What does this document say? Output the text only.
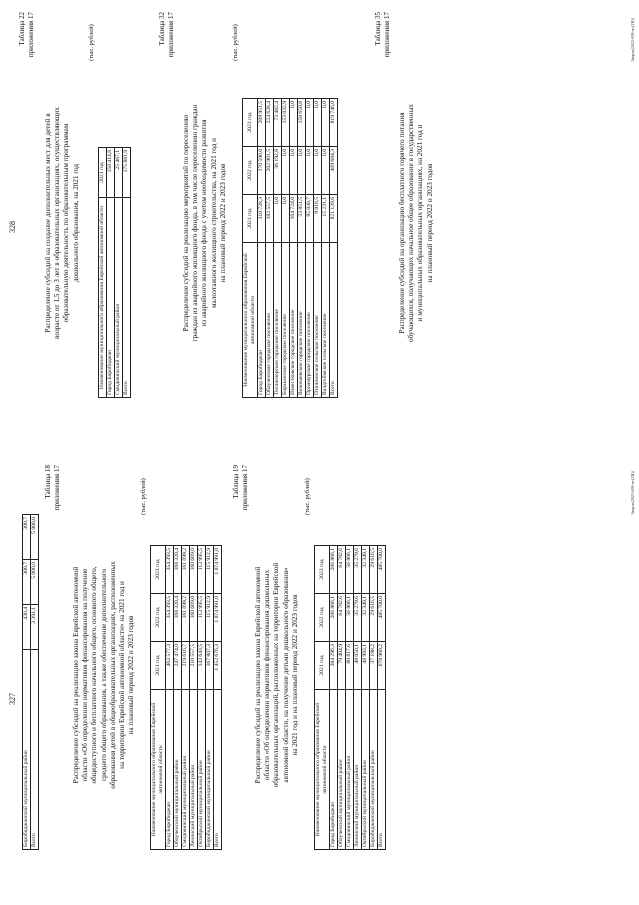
327
Биробиджанский муниципальный район	430,4	300,7	300,7
Всего	3 391,1	5 000,0	5 000,0
Таблица 18 приложения 17
Распределение субсидий на реализацию закона Еврейской автономной области «Об определении нормативов финансирования на получение общедоступного и бесплатного начального общего, основного общего, среднего общего образования, а также обеспечение дополнительного образования детей в общеобразовательных организациях, расположенных на территории Еврейской автономной области» на 2021 год и на плановый период 2022 и 2023 годов
(тыс. рублей)
Наименование муниципального образования Еврейской автономной области	2021 год	2022 год	2023 год
Город Биробиджан	463 577,3	354 393,5	354 393,5
Облученский муниципальный район	247 474,0	168 320,4	168 320,4
Смидовичский муниципальный район	219 616,7	161 699,2	161 699,2
Ленинский муниципальный район	210 557,5	160 669,0	160 669,0
Октябрьский муниципальный район	143 643,5	113 995,5	113 995,5
Биробиджанский муниципальный район	167 807,3	115 912,9	115 912,9
Всего	1 452 676,3	1 074 991,0	1 074 991,0
Таблица 19 приложения 17
Распределение субсидий на реализацию закона Еврейской автономной области «Об определении нормативов финансирования дошкольных образовательных организаций, расположенных на территории Еврейской автономной области, на получение детьми дошкольного образования» на 2021 год и на плановый период 2022 и 2023 годов
(тыс. рублей)
Наименование муниципального образования Еврейской автономной области	2021 год	2022 год	2023 год
Город Биробиджан	384 296,3	266 866,1	266 866,1
Облученский муниципальный район	79 404,9	64 782,6	64 782,6
Смидовичский муниципальный район	80 817,6	56 806,1	56 806,1
Ленинский муниципальный район	48 050,1	35 279,6	35 279,6
Октябрьский муниципальный район	48 993,1	32 349,1	32 349,1
Биробиджанский муниципальный район	37 198,2	29 616,5	29 616,5
Всего	678 960,2	485 700,0	485 700,0
Закрыт(2021-658-m-(2H))
328
Таблица 22 приложения 17
Распределение субсидий на создание дополнительных мест для детей в возрасте от 1,5 до 3 лет в образовательных организациях, осуществляющих образовательную деятельность по образовательным программам дошкольного образования, на 2021 год
(тыс. рублей)
Наименование муниципального образования Еврейской автономной области	2021 год
Город Биробиджан	150 414,8
Смидовичский муниципальный район	25 467,1
Всего	175 881,9
Таблица 32 приложения 17
Распределение субсидий на реализацию мероприятий по переселению граждан из аварийного жилищного фонда, в том числе переселению граждан из аварийного жилищного фонда с учетом необходимости развития малоэтажного жилищного строительства, на 2021 год и на плановый период 2022 и 2023 годов
(тыс. рублей)
Наименование муниципального образования Еврейской автономной области	2021 год	2022 год	2023 год
Город Биробиджан	310 728,3	170 590,0	209 951,5
Облученское городское поселение	182 557,5	202 901,5	224 628,4
Теплоозерское городское поселение	0,0	36 192,8	73 482,4
Бираканское городское поселение	0,0	0,0	153 032,9
Известковское городское поселение	164 724,0	0,0	0,0
Волочаевское городское поселение	53 851,5	0,0	158 650,8
Приамурское городское поселение	85 030,7	0,0	0,0
Птичнинское сельское поселение	9 016,5	0,0	0,0
Валдгеймское сельское поселение	15 231,1	0,0	0,0
Всего	821 139,6	409 684,3	819 746,0
Таблица 35 приложения 17
Распределение субсидий на организацию бесплатного горячего питания обучающихся, получающих начальное общее образование в государственных и муниципальных образовательных организациях, на 2021 год и на плановый период 2022 и 2023 годов
Закрыт(2021-658-m-(2H))
